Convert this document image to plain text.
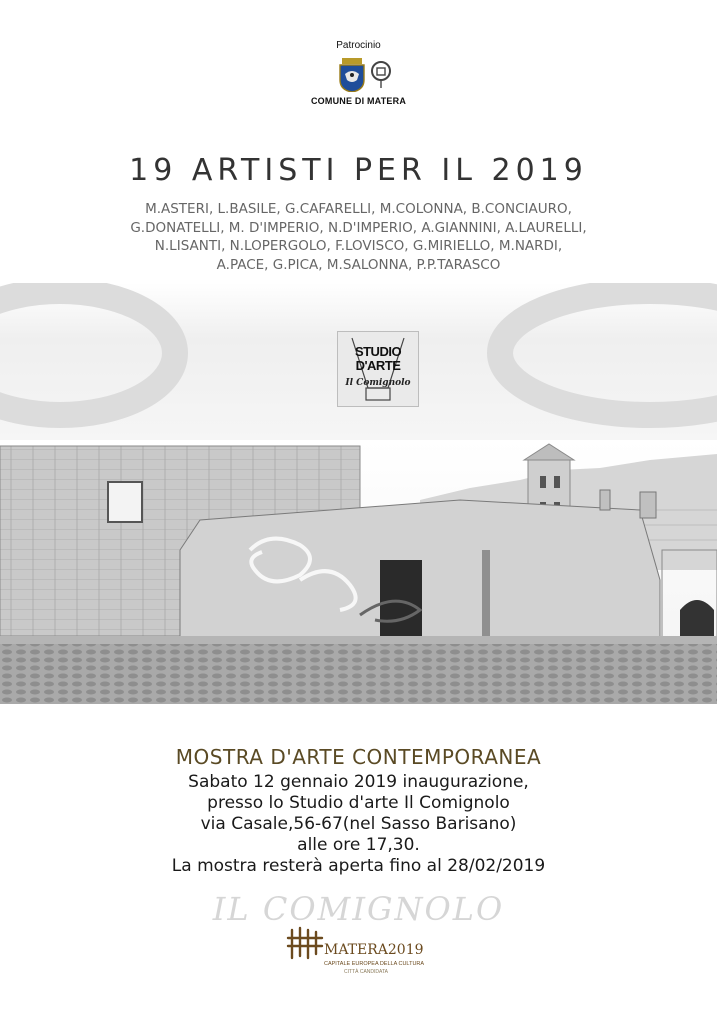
Patrocinio
COMUNE DI MATERA
19 ARTISTI PER IL 2019
M.ASTERI, L.BASILE, G.CAFARELLI, M.COLONNA, B.CONCIAURO,
G.DONATELLI, M. D'IMPERIO, N.D'IMPERIO, A.GIANNINI, A.LAURELLI,
N.LISANTI, N.LOPERGOLO, F.LOVISCO, G.MIRIELLO, M.NARDI,
A.PACE, G.PICA, M.SALONNA, P.P.TARASCO
STUDIO
D'ARTE
Il Comignolo
MOSTRA D'ARTE CONTEMPORANEA
Sabato 12 gennaio 2019 inaugurazione,
presso lo Studio d'arte Il Comignolo
via Casale,56-67(nel Sasso Barisano)
alle ore 17,30.
La mostra resterà aperta fino al 28/02/2019
IL COMIGNOLO
MATERA2019
CAPITALE EUROPEA DELLA CULTURA
CITTÀ CANDIDATA
